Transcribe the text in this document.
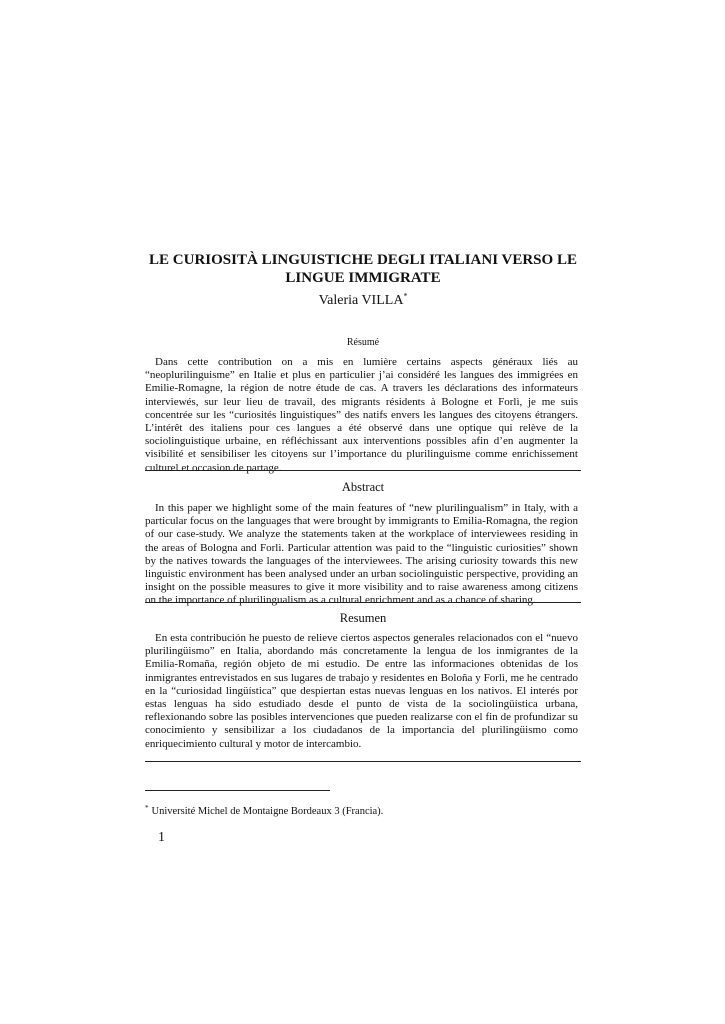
LE CURIOSITÀ LINGUISTICHE DEGLI ITALIANI VERSO LE LINGUE IMMIGRATE
Valeria VILLA*
Résumé

Dans cette contribution on a mis en lumière certains aspects généraux liés au “neoplurilinguisme” en Italie et plus en particulier j’ai considéré les langues des immigrées en Emilie-Romagne, la région de notre étude de cas. A travers les déclarations des informateurs interviewés, sur leur lieu de travail, des migrants résidents à Bologne et Forlì, je me suis concentrée sur les “curiosités linguistiques” des natifs envers les langues des citoyens étrangers. L’intérêt des italiens pour ces langues a été observé dans une optique qui relève de la sociolinguistique urbaine, en réfléchissant aux interventions possibles afin d’en augmenter la visibilité et sensibiliser les citoyens sur l’importance du plurilinguisme comme enrichissement culturel et occasion de partage.

Abstract

In this paper we highlight some of the main features of “new plurilingualism” in Italy, with a particular focus on the languages that were brought by immigrants to Emilia-Romagna, the region of our case-study. We analyze the statements taken at the workplace of interviewees residing in the areas of Bologna and Forlì. Particular attention was paid to the “linguistic curiosities” shown by the natives towards the languages of the interviewees. The arising curiosity towards this new linguistic environment has been analysed under an urban sociolinguistic perspective, providing an insight on the possible measures to give it more visibility and to raise awareness among citizens on the importance of plurilingualism as a cultural enrichment and as a chance of sharing.

Resumen

En esta contribución he puesto de relieve ciertos aspectos generales relacionados con el “nuevo plurilingüismo” en Italia, abordando más concretamente la lengua de los inmigrantes de la Emilia-Romaña, región objeto de mi estudio. De entre las informaciones obtenidas de los inmigrantes entrevistados en sus lugares de trabajo y residentes en Boloña y Forlì, me he centrado en la “curiosidad lingüística” que despiertan estas nuevas lenguas en los nativos. El interés por estas lenguas ha sido estudiado desde el punto de vista de la sociolingüística urbana, reflexionando sobre las posibles intervenciones que pueden realizarse con el fin de profundizar su conocimiento y sensibilizar a los ciudadanos de la importancia del plurilingüismo como enriquecimiento cultural y motor de intercambio.

* Université Michel de Montaigne Bordeaux 3 (Francia).
1
